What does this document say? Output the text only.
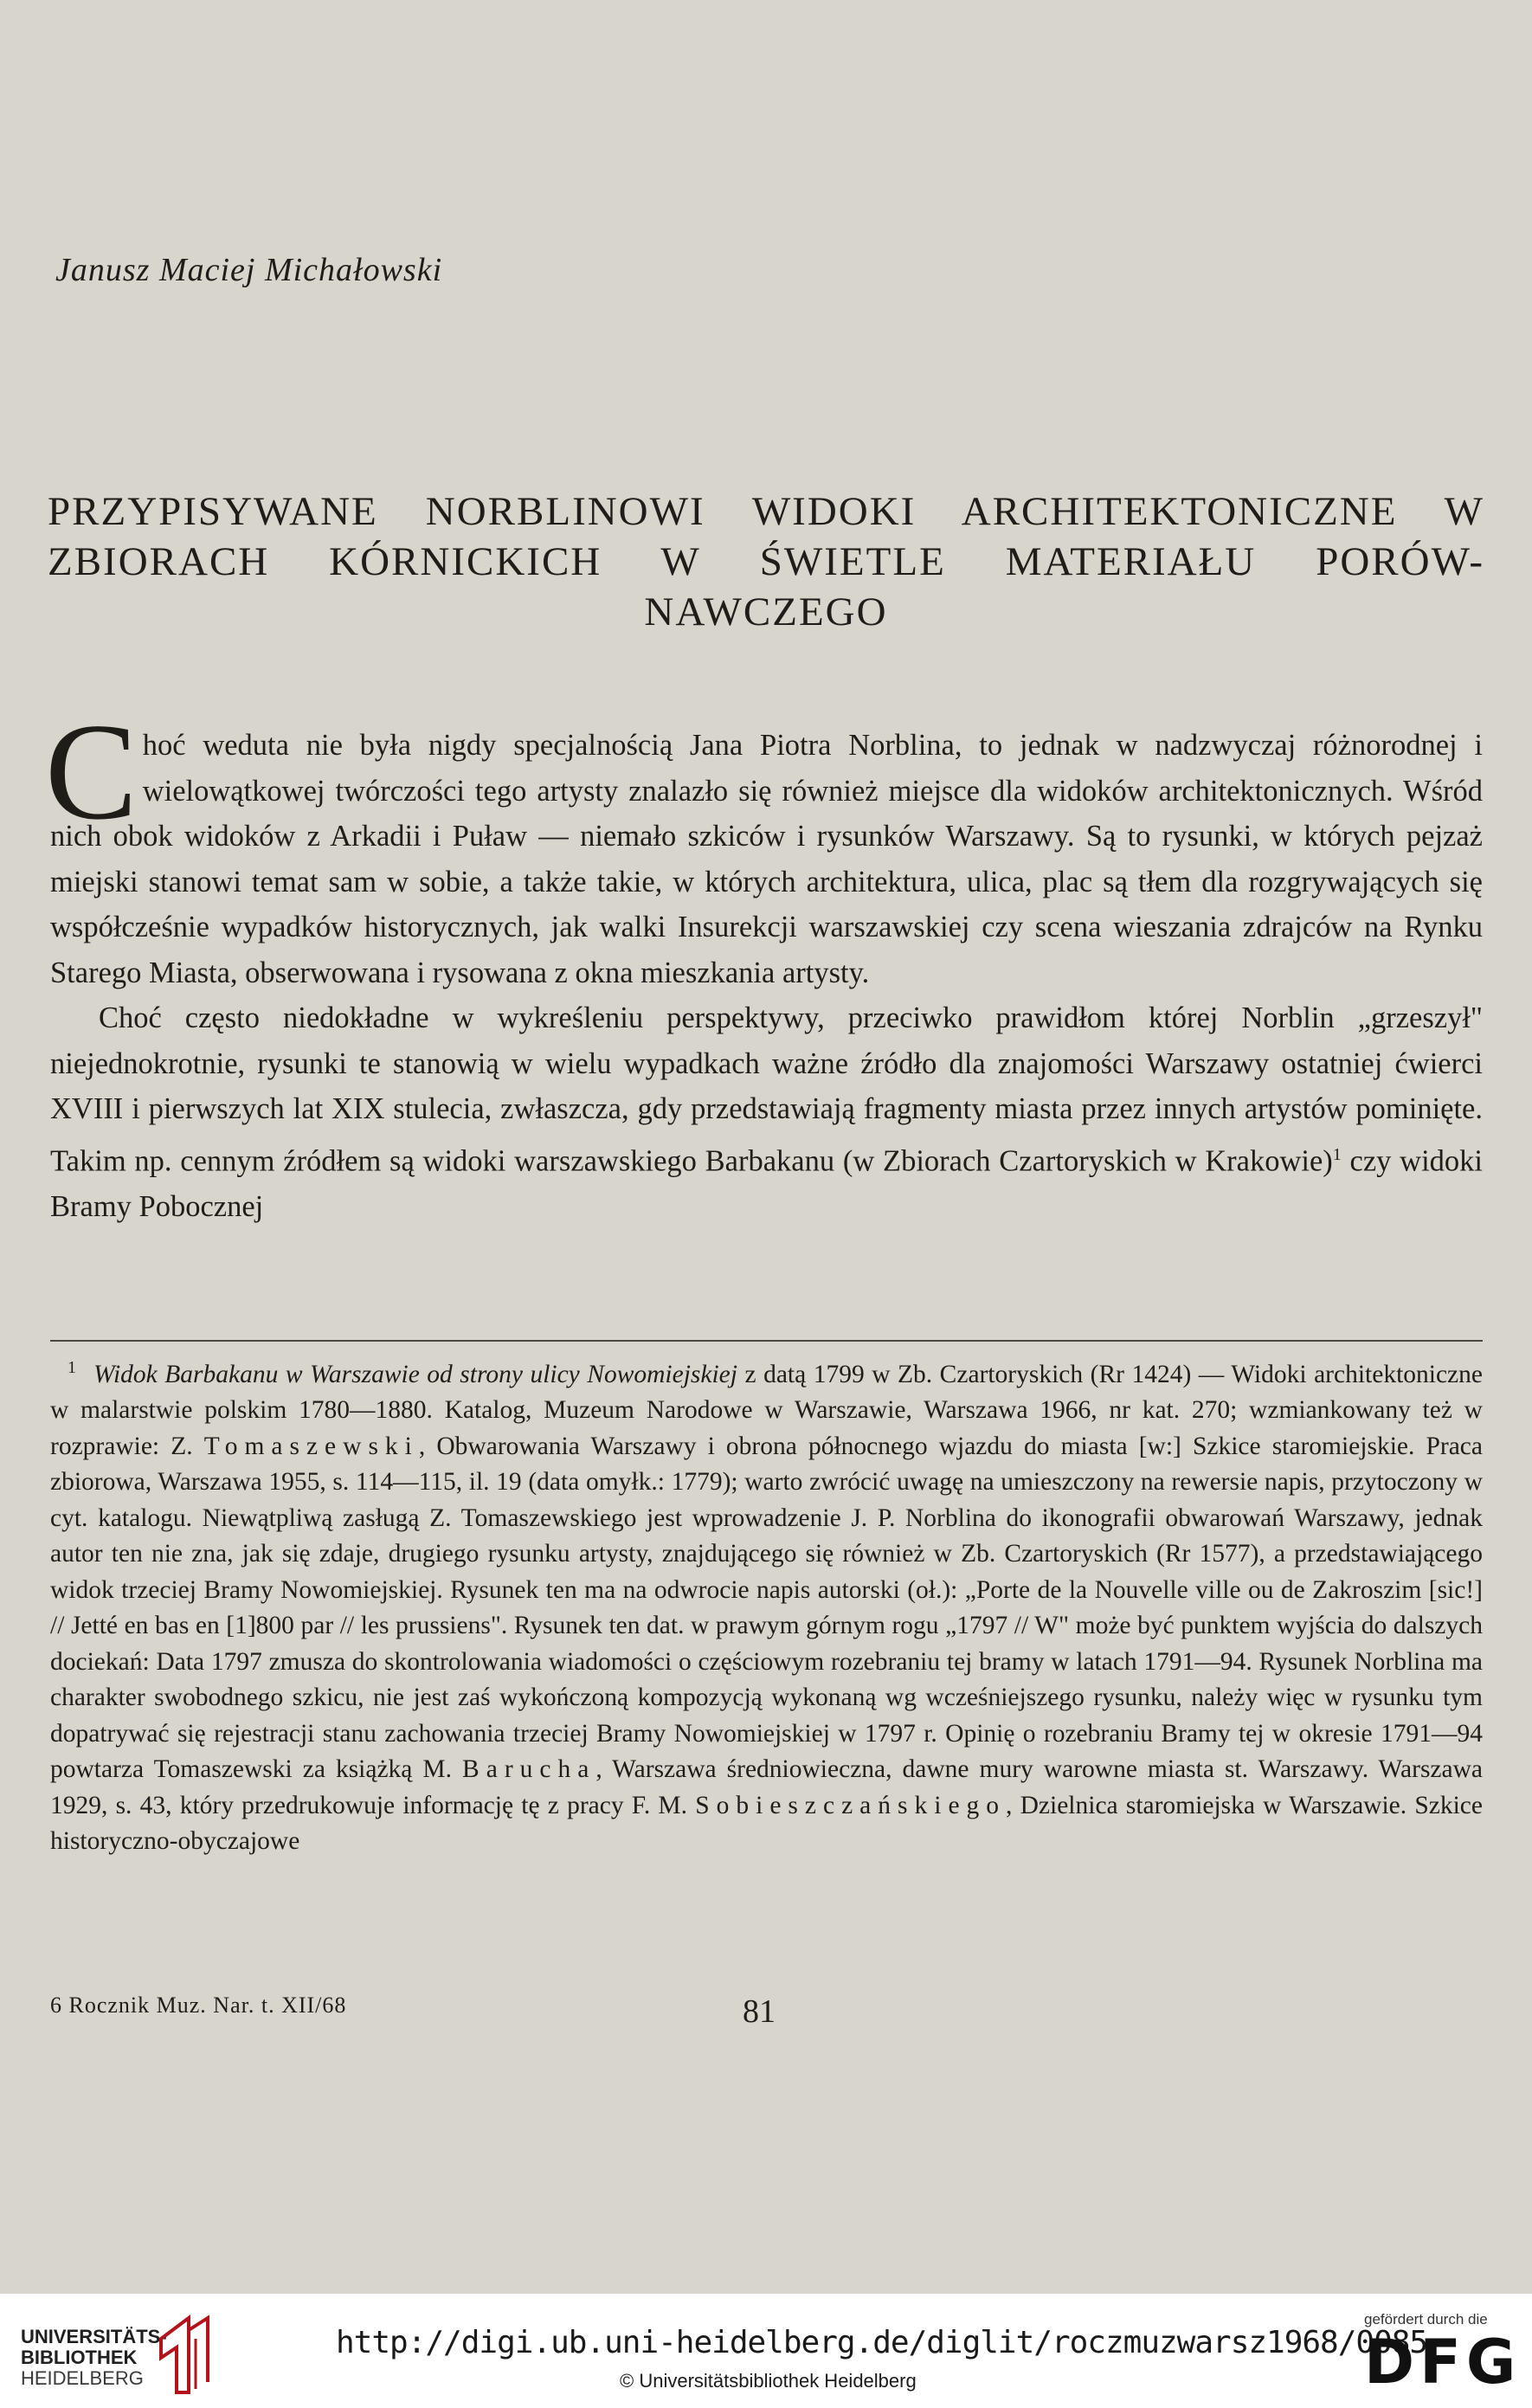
Janusz Maciej Michałowski
PRZYPISYWANE NORBLINOWI WIDOKI ARCHITEKTONICZNE W ZBIORACH KÓRNICKICH W ŚWIETLE MATERIAŁU PORÓW-NAWCZEGO

Choć weduta nie była nigdy specjalnością Jana Piotra Norblina, to jednak w nadzwyczaj różnorodnej i wielowątkowej twórczości tego artysty znalazło się również miejsce dla widoków architektonicznych. Wśród nich obok widoków z Arkadii i Puław — niemało szkiców i rysunków Warszawy. Są to rysunki, w których pejzaż miejski stanowi temat sam w sobie, a także takie, w których architektura, ulica, plac są tłem dla rozgrywających się współcześnie wypadków historycznych, jak walki Insurekcji warszawskiej czy scena wieszania zdrajców na Rynku Starego Miasta, obserwowana i rysowana z okna mieszkania artysty.

Choć często niedokładne w wykreśleniu perspektywy, przeciwko prawidłom której Norblin „grzeszył" niejednokrotnie, rysunki te stanowią w wielu wypadkach ważne źródło dla znajomości Warszawy ostatniej ćwierci XVIII i pierwszych lat XIX stulecia, zwłaszcza, gdy przedstawiają fragmenty miasta przez innych artystów pominięte. Takim np. cennym źródłem są widoki warszawskiego Barbakanu (w Zbiorach Czartoryskich w Krakowie)$^1$ czy widoki Bramy Pobocznej

1 Widok Barbakanu w Warszawie od strony ulicy Nowomiejskiej z datą 1799 w Zb. Czartoryskich (Rr 1424) — Widoki architektoniczne w malarstwie polskim 1780—1880. Katalog, Muzeum Narodowe w Warszawie, Warszawa 1966, nr kat. 270; wzmiankowany też w rozprawie: Z. Tomaszewski, Obwarowania Warszawy i obrona północnego wjazdu do miasta [w:] Szkice staromiejskie. Praca zbiorowa, Warszawa 1955, s. 114—115, il. 19 (data omyłk.: 1779); warto zwrócić uwagę na umieszczony na rewersie napis, przytoczony w cyt. katalogu. Niewątpliwą zasługą Z. Tomaszewskiego jest wprowadzenie J. P. Norblina do ikonografii obwarowań Warszawy, jednak autor ten nie zna, jak się zdaje, drugiego rysunku artysty, znajdującego się również w Zb. Czartoryskich (Rr 1577), a przedstawiającego widok trzeciej Bramy Nowomiejskiej. Rysunek ten ma na odwrocie napis autorski (oł.): „Porte de la Nouvelle ville ou de Zakroszim [sic!] // Jetté en bas en [1]800 par // les prussiens". Rysunek ten dat. w prawym górnym rogu „1797 // W" może być punktem wyjścia do dalszych dociekań: Data 1797 zmusza do skontrolowania wiadomości o częściowym rozebraniu tej bramy w latach 1791—94. Rysunek Norblina ma charakter swobodnego szkicu, nie jest zaś wykończoną kompozycją wykonaną wg wcześniejszego rysunku, należy więc w rysunku tym dopatrywać się rejestracji stanu zachowania trzeciej Bramy Nowomiejskiej w 1797 r. Opinię o rozebraniu Bramy tej w okresie 1791—94 powtarza Tomaszewski za książką M. Barucha, Warszawa średniowieczna, dawne mury warowne miasta st. Warszawy. Warszawa 1929, s. 43, który przedrukowuje informację tę z pracy F. M. Sobieszczańskiego, Dzielnica staromiejska w Warszawie. Szkice historyczno-obyczajowe
6 Rocznik Muz. Nar. t. XII/68	81
UNIVERSITÄTS-
BIBLIOTHEK
HEIDELBERG
http://digi.ub.uni-heidelberg.de/diglit/roczmuzwarsz1968/0085
© Universitätsbibliothek Heidelberg
gefördert durch die
DFG
